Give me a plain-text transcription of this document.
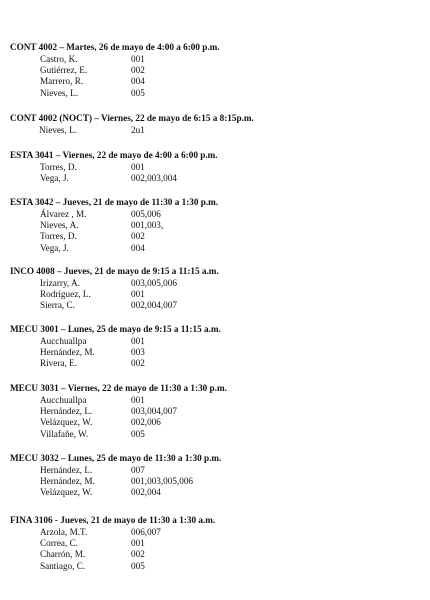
CONT 4002 – Martes, 26 de mayo de 4:00 a 6:00 p.m.
Castro, K.	001
Gutiérrez, E.	002
Marrero, R.	004
Nieves, L.	005
CONT 4002 (NOCT) – Viernes, 22 de mayo de 6:15 a 8:15p.m.
Nieves, L.	2u1
ESTA 3041 – Viernes, 22 de mayo de 4:00 a 6:00 p.m.
Torres, D.	001
Vega, J.	002,003,004
ESTA 3042 – Jueves, 21 de mayo de 11:30 a 1:30 p.m.
Álvarez , M.	005,006
Nieves, A.	001,003,
Torres, D.	002
Vega, J.	004
INCO 4008 – Jueves, 21 de mayo de 9:15 a 11:15 a.m.
Irizarry, A.	003,005,006
Rodríguez, L.	001
Sierra, C.	002,004,007
MECU 3001 – Lunes, 25 de mayo de 9:15 a 11:15 a.m.
Aucchuallpa	001
Hernández, M.	003
Rivera, E.	002
MECU 3031 – Viernes, 22 de mayo de 11:30 a 1:30 p.m.
Aucchuallpa	001
Hernández, L.	003,004,007
Velázquez, W.	002,006
Villafañe, W.	005
MECU 3032 – Lunes, 25 de mayo de 11:30 a 1:30 p.m.
Hernández, L.	007
Hernández, M.	001,003,005,006
Velázquez, W.	002,004
FINA 3106 - Jueves, 21 de mayo de 11:30 a 1:30 a.m.
Arzola, M.T.	006,007
Correa, C.	001
Charrón, M.	002
Santiago, C.	005
